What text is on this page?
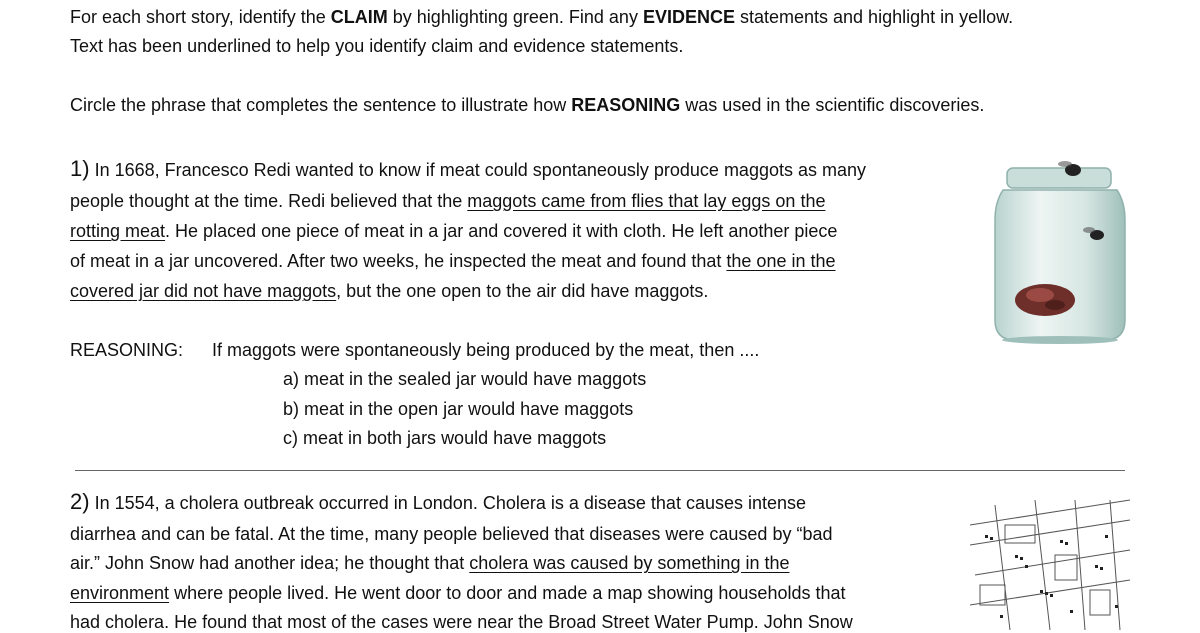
For each short story, identify the CLAIM by highlighting green. Find any EVIDENCE statements and highlight in yellow.
Text has been underlined to help you identify claim and evidence statements.
Circle the phrase that completes the sentence to illustrate how REASONING was used in the scientific discoveries.
1) In 1668, Francesco Redi wanted to know if meat could spontaneously produce maggots as many
people thought at the time. Redi believed that the maggots came from flies that lay eggs on the
rotting meat. He placed one piece of meat in a jar and covered it with cloth. He left another piece
of meat in a jar uncovered. After two weeks, he inspected the meat and found that the one in the
covered jar did not have maggots, but the one open to the air did have maggots.
REASONING: If maggots were spontaneously being produced by the meat, then ....
a) meat in the sealed jar would have maggots
b) meat in the open jar would have maggots
c) meat in both jars would have maggots
2) In 1554, a cholera outbreak occurred in London. Cholera is a disease that causes intense
diarrhea and can be fatal. At the time, many people believed that diseases were caused by “bad
air.” John Snow had another idea; he thought that cholera was caused by something in the
environment where people lived. He went door to door and made a map showing households that
had cholera. He found that most of the cases were near the Broad Street Water Pump. John Snow
